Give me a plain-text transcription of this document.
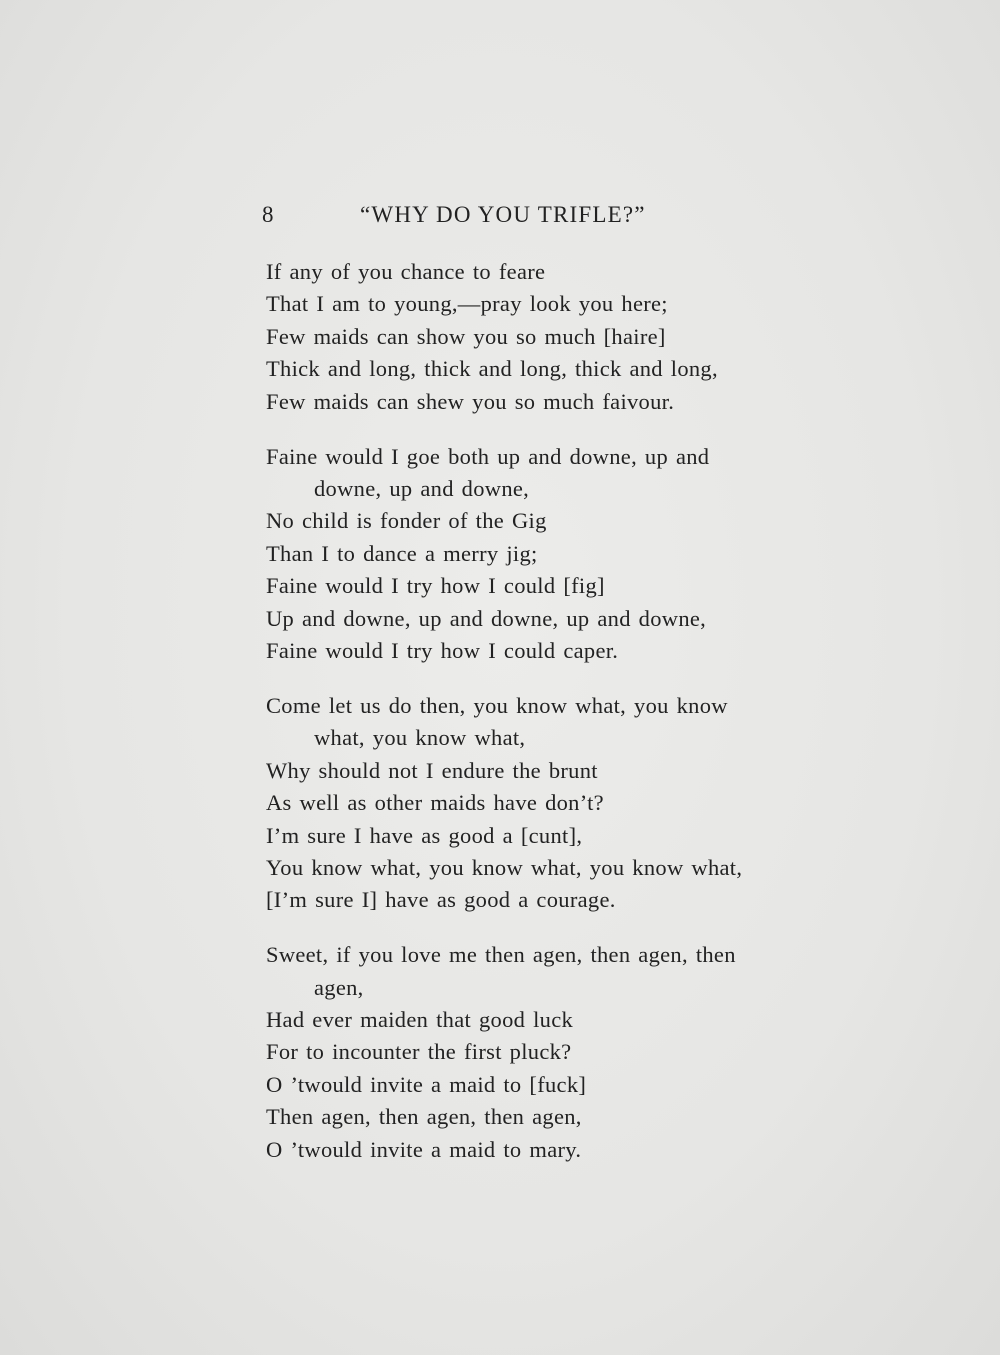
8	“WHY DO YOU TRIFLE?”
If any of you chance to feare
That I am to young,—pray look you here;
Few maids can show you so much [haire]
Thick and long, thick and long, thick and long,
Few maids can shew you so much faivour.
Faine would I goe both up and downe, up and
downe, up and downe,
No child is fonder of the Gig
Than I to dance a merry jig;
Faine would I try how I could [fig]
Up and downe, up and downe, up and downe,
Faine would I try how I could caper.
Come let us do then, you know what, you know
what, you know what,
Why should not I endure the brunt
As well as other maids have don’t?
I’m sure I have as good a [cunt],
You know what, you know what, you know what,
[I’m sure I] have as good a courage.
Sweet, if you love me then agen, then agen, then
agen,
Had ever maiden that good luck
For to incounter the first pluck?
O ’twould invite a maid to [fuck]
Then agen, then agen, then agen,
O ’twould invite a maid to mary.
